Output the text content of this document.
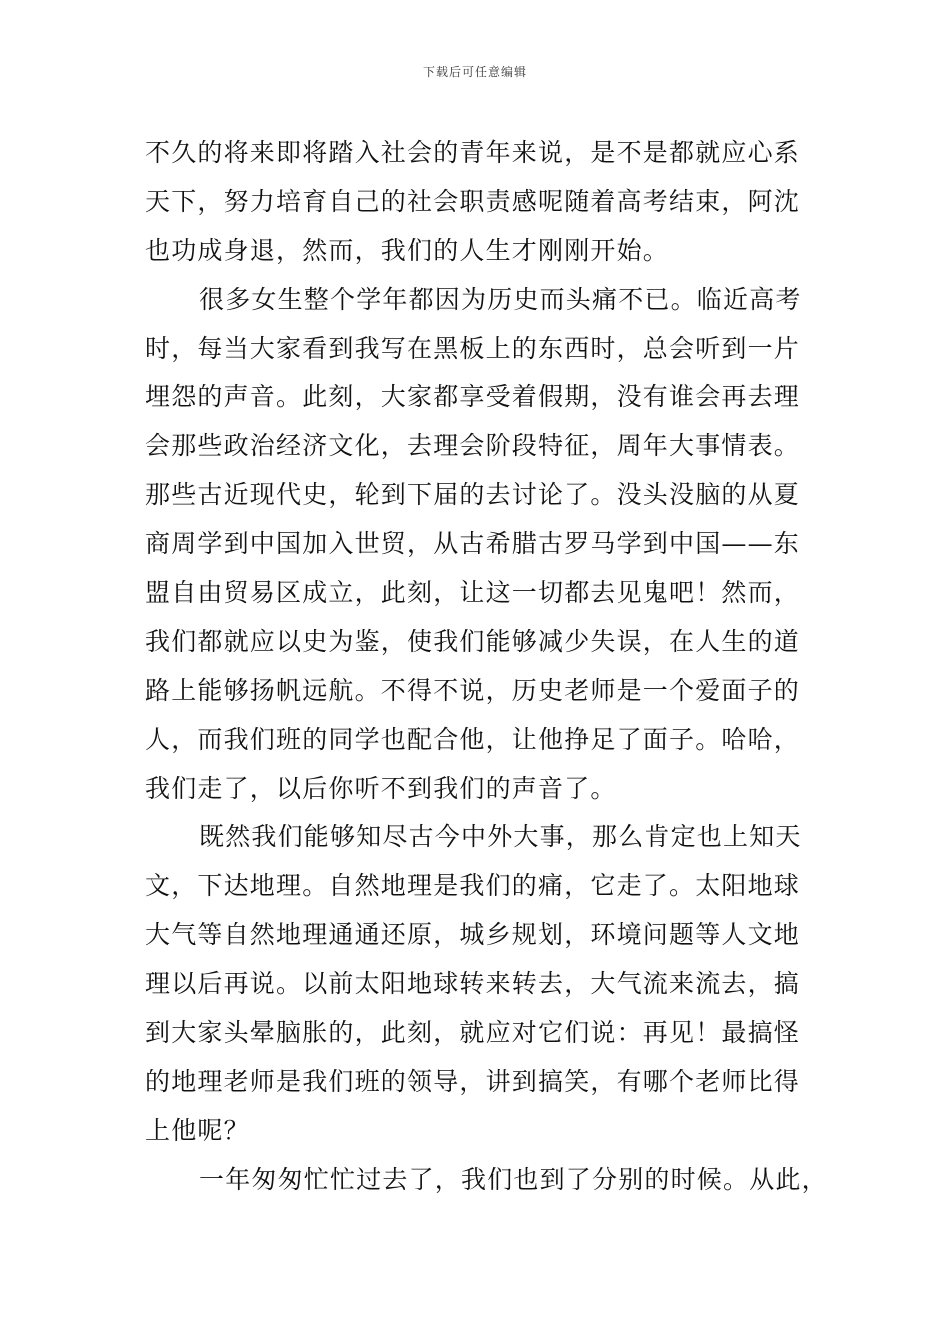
下载后可任意编辑
不久的将来即将踏入社会的青年来说，是不是都就应心系
天下，努力培育自己的社会职责感呢随着高考结束，阿沈
也功成身退，然而，我们的人生才刚刚开始。
很多女生整个学年都因为历史而头痛不已。临近高考
时，每当大家看到我写在黑板上的东西时，总会听到一片
埋怨的声音。此刻，大家都享受着假期，没有谁会再去理
会那些政治经济文化，去理会阶段特征，周年大事情表。
那些古近现代史，轮到下届的去讨论了。没头没脑的从夏
商周学到中国加入世贸，从古希腊古罗马学到中国——东
盟自由贸易区成立，此刻，让这一切都去见鬼吧！然而，
我们都就应以史为鉴，使我们能够减少失误，在人生的道
路上能够扬帆远航。不得不说，历史老师是一个爱面子的
人，而我们班的同学也配合他，让他挣足了面子。哈哈，
我们走了，以后你听不到我们的声音了。
既然我们能够知尽古今中外大事，那么肯定也上知天
文，下达地理。自然地理是我们的痛，它走了。太阳地球
大气等自然地理通通还原，城乡规划，环境问题等人文地
理以后再说。以前太阳地球转来转去，大气流来流去，搞
到大家头晕脑胀的，此刻，就应对它们说：再见！最搞怪
的地理老师是我们班的领导，讲到搞笑，有哪个老师比得
上他呢？
一年匆匆忙忙过去了，我们也到了分别的时候。从此，
